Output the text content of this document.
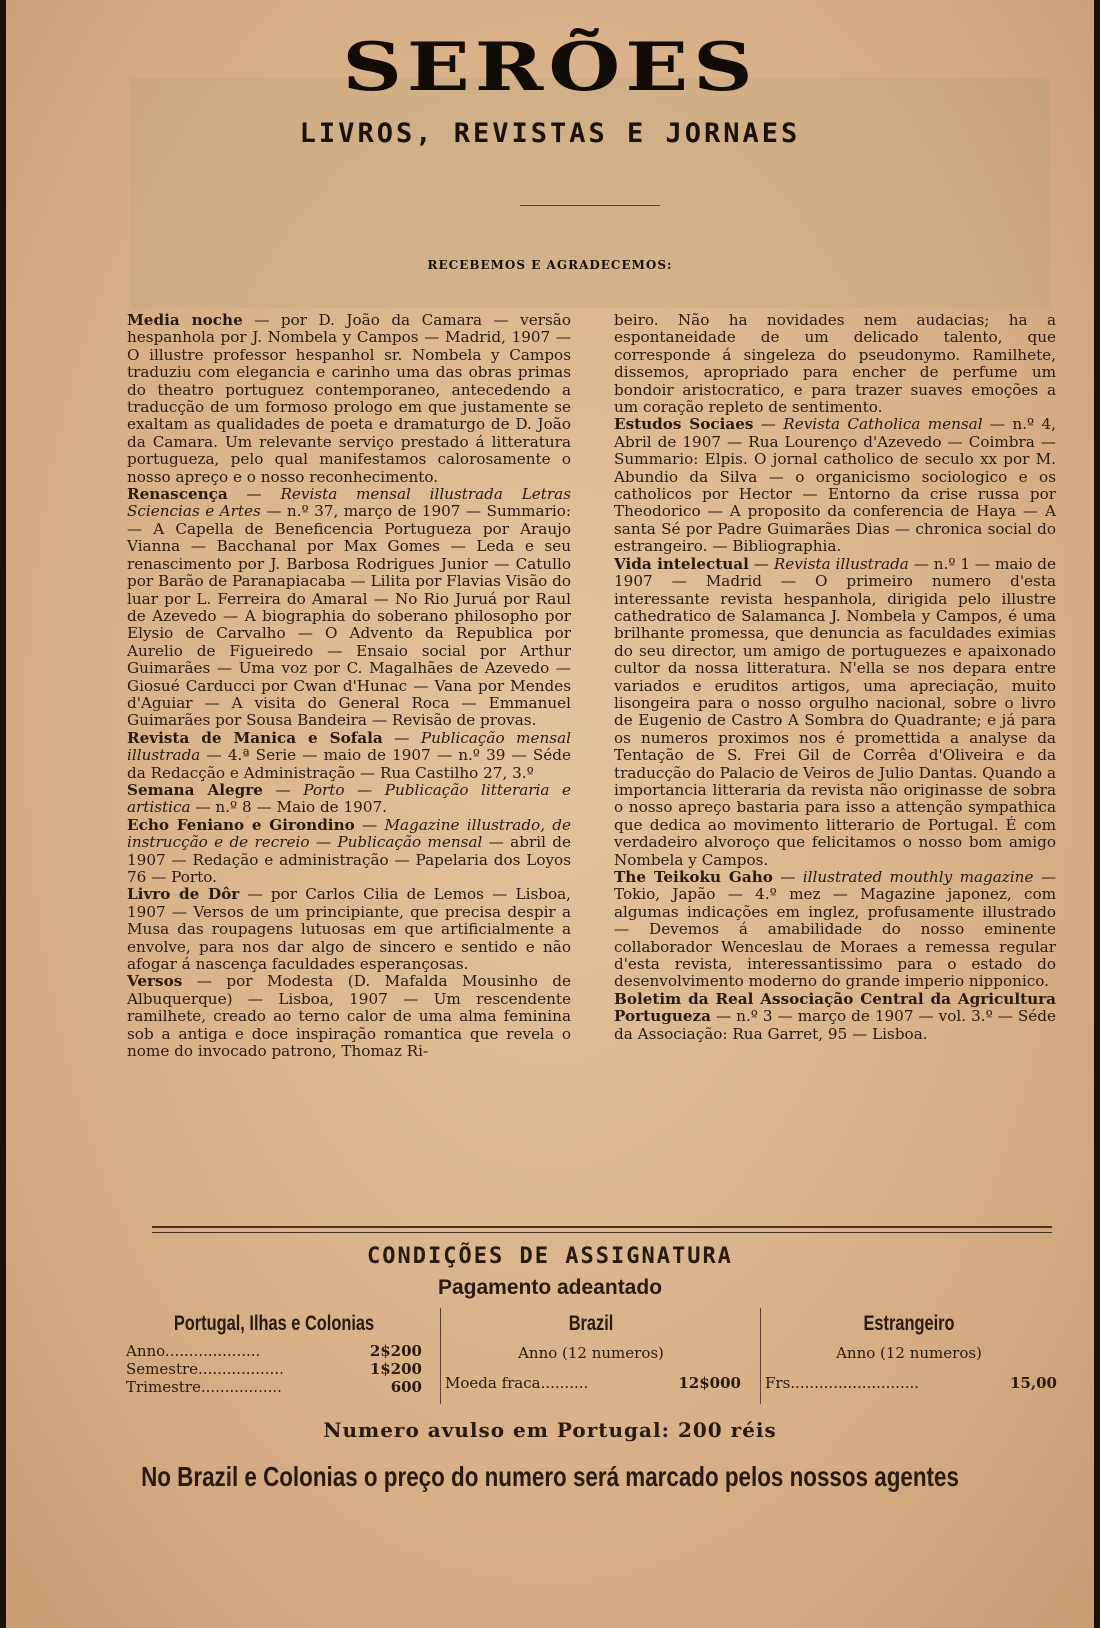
SERÕES
LIVROS, REVISTAS E JORNAES
RECEBEMOS E AGRADECEMOS:

Media noche — por D. João da Camara — versão hespanhola por J. Nombela y Campos — Madrid, 1907 — O illustre professor hespanhol sr. Nombela y Campos traduziu com elegancia e carinho uma das obras primas do theatro portuguez contemporaneo, antecedendo a traducção de um formoso prologo em que justamente se exaltam as qualidades de poeta e dramaturgo de D. João da Camara. Um relevante serviço prestado á litteratura portugueza, pelo qual manifestamos calorosamente o nosso apreço e o nosso reconhecimento.

Renascença — Revista mensal illustrada Letras Sciencias e Artes — n.º 37, março de 1907 — Summario: — A Capella de Beneficencia Portugueza por Araujo Vianna — Bacchanal por Max Gomes — Leda e seu renascimento por J. Barbosa Rodrigues Junior — Catullo por Barão de Paranapiacaba — Lilita por Flavias Visão do luar por L. Ferreira do Amaral — No Rio Juruá por Raul de Azevedo — A biographia do soberano philosopho por Elysio de Carvalho — O Advento da Republica por Aurelio de Figueiredo — Ensaio social por Arthur Guimarães — Uma voz por C. Magalhães de Azevedo — Giosué Carducci por Cwan d'Hunac — Vana por Mendes d'Aguiar — A visita do General Roca — Emmanuel Guimarães por Sousa Bandeira — Revisão de provas.

Revista de Manica e Sofala — Publicação mensal illustrada — 4.ª Serie — maio de 1907 — n.º 39 — Séde da Redacção e Administração — Rua Castilho 27, 3.º

Semana Alegre — Porto — Publicação litteraria e artistica — n.º 8 — Maio de 1907.

Echo Feniano e Girondino — Magazine illustrado, de instrucção e de recreio — Publicação mensal — abril de 1907 — Redação e administração — Papelaria dos Loyos 76 — Porto.

Livro de Dôr — por Carlos Cilia de Lemos — Lisboa, 1907 — Versos de um principiante, que precisa despir a Musa das roupagens lutuosas em que artificialmente a envolve, para nos dar algo de sincero e sentido e não afogar á nascença faculdades esperançosas.

Versos — por Modesta (D. Mafalda Mousinho de Albuquerque) — Lisboa, 1907 — Um rescendente ramilhete, creado ao terno calor de uma alma feminina sob a antiga e doce inspiração romantica que revela o nome do invocado patrono, Thomaz Ri-

beiro. Não ha novidades nem audacias; ha a espontaneidade de um delicado talento, que corresponde á singeleza do pseudonymo. Ramilhete, dissemos, apropriado para encher de perfume um bondoir aristocratico, e para trazer suaves emoções a um coração repleto de sentimento.

Estudos Sociaes — Revista Catholica mensal — n.º 4, Abril de 1907 — Rua Lourenço d'Azevedo — Coimbra — Summario: Elpis. O jornal catholico de seculo xx por M. Abundio da Silva — o organicismo sociologico e os catholicos por Hector — Entorno da crise russa por Theodorico — A proposito da conferencia de Haya — A santa Sé por Padre Guimarães Dias — chronica social do estrangeiro. — Bibliographia.

Vida intelectual — Revista illustrada — n.º 1 — maio de 1907 — Madrid — O primeiro numero d'esta interessante revista hespanhola, dirigida pelo illustre cathedratico de Salamanca J. Nombela y Campos, é uma brilhante promessa, que denuncia as faculdades eximias do seu director, um amigo de portuguezes e apaixonado cultor da nossa litteratura. N'ella se nos depara entre variados e eruditos artigos, uma apreciação, muito lisongeira para o nosso orgulho nacional, sobre o livro de Eugenio de Castro A Sombra do Quadrante; e já para os numeros proximos nos é promettida a analyse da Tentação de S. Frei Gil de Corrêa d'Oliveira e da traducção do Palacio de Veiros de Julio Dantas. Quando a importancia litteraria da revista não originasse de sobra o nosso apreço bastaria para isso a attenção sympathica que dedica ao movimento litterario de Portugal. É com verdadeiro alvoroço que felicitamos o nosso bom amigo Nombela y Campos.

The Teikoku Gaho — illustrated mouthly magazine — Tokio, Japão — 4.º mez — Magazine japonez, com algumas indicações em inglez, profusamente illustrado — Devemos á amabilidade do nosso eminente collaborador Wenceslau de Moraes a remessa regular d'esta revista, interessantissimo para o estado do desenvolvimento moderno do grande imperio nipponico.

Boletim da Real Associação Central da Agricultura Portugueza — n.º 3 — março de 1907 — vol. 3.º — Séde da Associação: Rua Garret, 95 — Lisboa.

CONDIÇÕES DE ASSIGNATURA
Pagamento adeantado
Portugal, Ilhas e Colonias
Anno....................	2$200
Semestre..................	1$200
Trimestre.................	600
Brazil
Anno (12 numeros)
Moeda fraca..........	12$000
Estrangeiro
Anno (12 numeros)
Frs...........................	15,00
Numero avulso em Portugal: 200 réis
No Brazil e Colonias o preço do numero será marcado pelos nossos agentes
